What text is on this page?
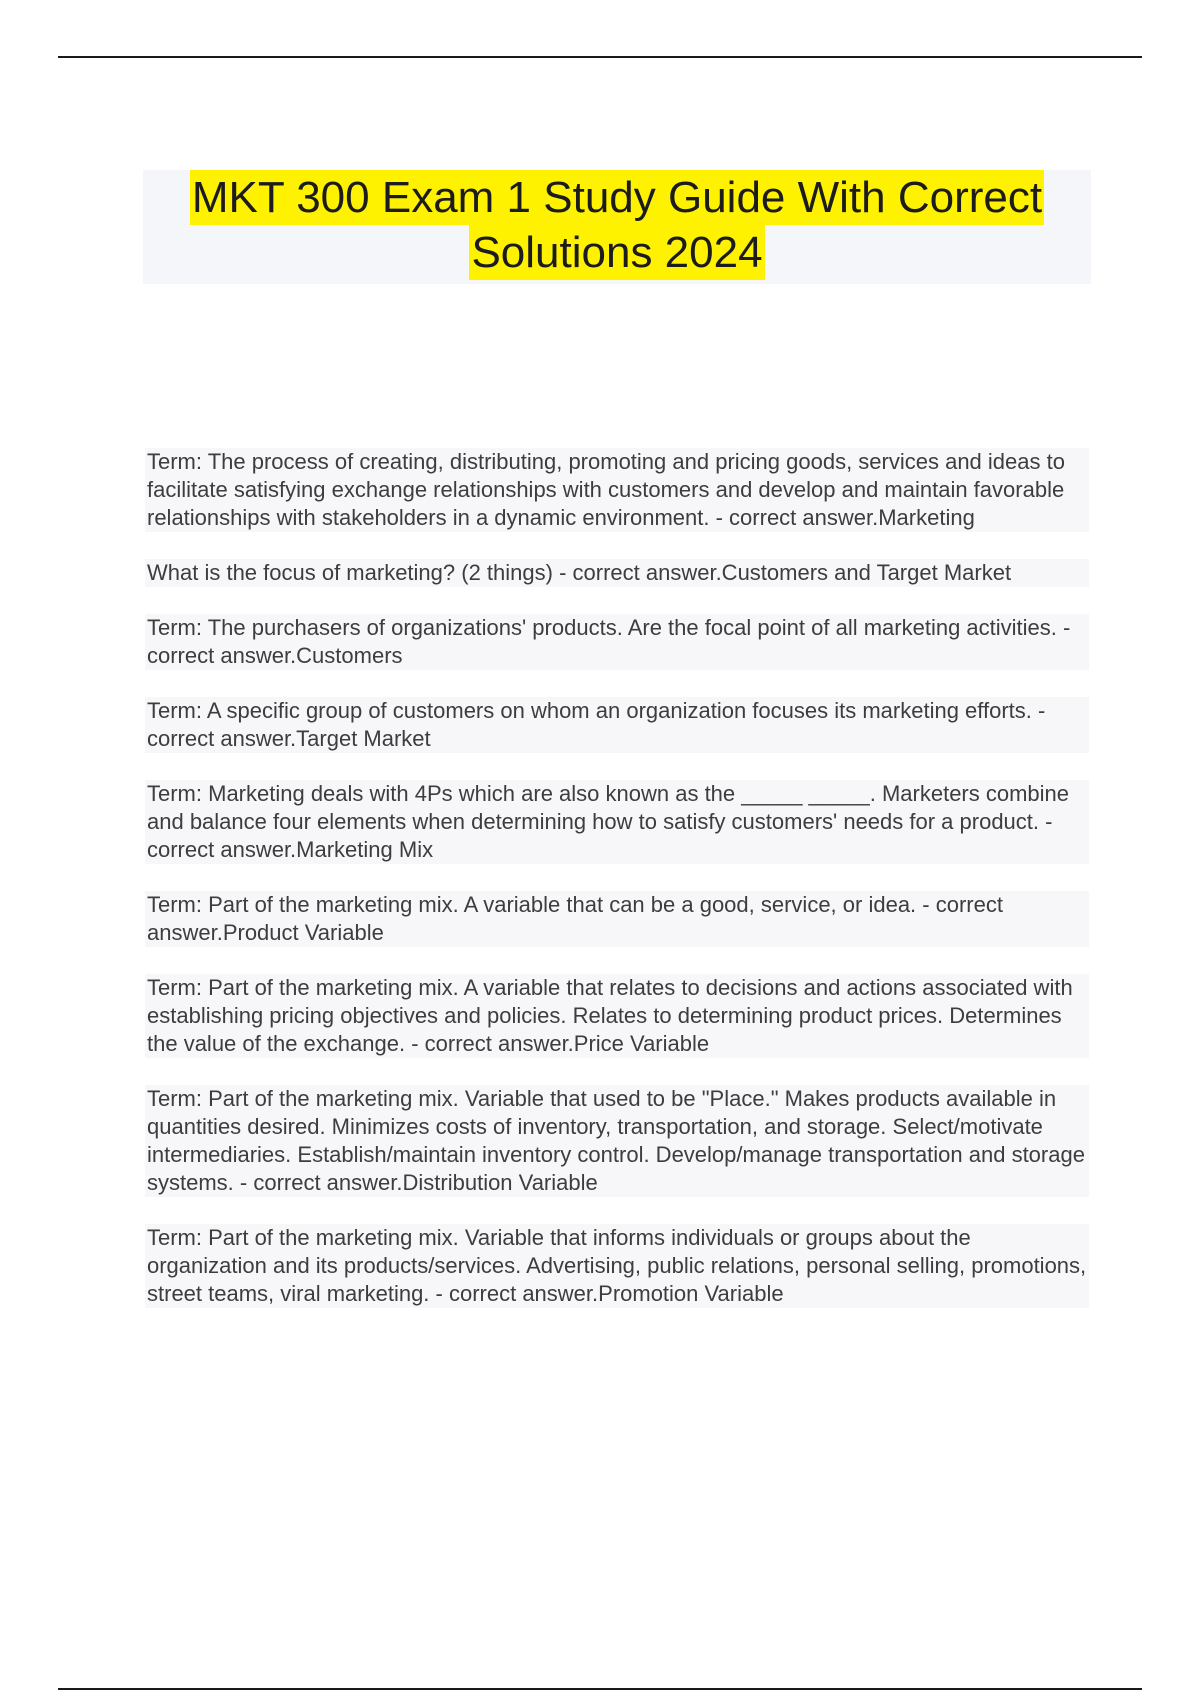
MKT 300 Exam 1 Study Guide With Correct
Solutions 2024

Term: The process of creating, distributing, promoting and pricing goods, services and ideas to facilitate satisfying exchange relationships with customers and develop and maintain favorable relationships with stakeholders in a dynamic environment. - correct answer.Marketing

What is the focus of marketing? (2 things) - correct answer.Customers and Target Market

Term: The purchasers of organizations' products. Are the focal point of all marketing activities. - correct answer.Customers

Term: A specific group of customers on whom an organization focuses its marketing efforts. - correct answer.Target Market

Term: Marketing deals with 4Ps which are also known as the _____ _____. Marketers combine and balance four elements when determining how to satisfy customers' needs for a product. - correct answer.Marketing Mix

Term: Part of the marketing mix. A variable that can be a good, service, or idea. - correct answer.Product Variable

Term: Part of the marketing mix. A variable that relates to decisions and actions associated with establishing pricing objectives and policies. Relates to determining product prices. Determines the value of the exchange. - correct answer.Price Variable

Term: Part of the marketing mix. Variable that used to be "Place." Makes products available in quantities desired. Minimizes costs of inventory, transportation, and storage. Select/motivate intermediaries. Establish/maintain inventory control. Develop/manage transportation and storage systems. - correct answer.Distribution Variable

Term: Part of the marketing mix. Variable that informs individuals or groups about the organization and its products/services. Advertising, public relations, personal selling, promotions, street teams, viral marketing. - correct answer.Promotion Variable
